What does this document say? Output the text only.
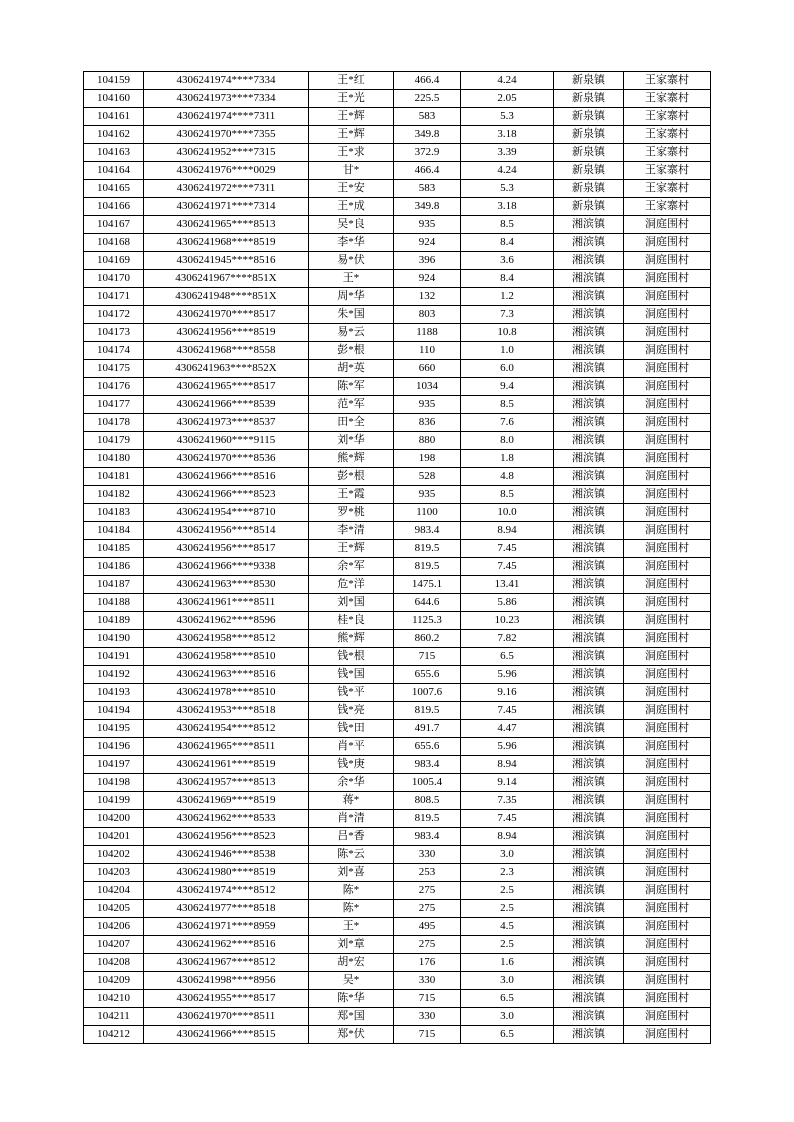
104159	4306241974****7334	王*红	466.4	4.24	新泉镇	王家寨村
104160	4306241973****7334	王*光	225.5	2.05	新泉镇	王家寨村
104161	4306241974****7311	王*辉	583	5.3	新泉镇	王家寨村
104162	4306241970****7355	王*辉	349.8	3.18	新泉镇	王家寨村
104163	4306241952****7315	王*求	372.9	3.39	新泉镇	王家寨村
104164	4306241976****0029	甘*	466.4	4.24	新泉镇	王家寨村
104165	4306241972****7311	王*安	583	5.3	新泉镇	王家寨村
104166	4306241971****7314	王*成	349.8	3.18	新泉镇	王家寨村
104167	4306241965****8513	吴*良	935	8.5	湘滨镇	洞庭围村
104168	4306241968****8519	李*华	924	8.4	湘滨镇	洞庭围村
104169	4306241945****8516	易*伏	396	3.6	湘滨镇	洞庭围村
104170	4306241967****851X	王*	924	8.4	湘滨镇	洞庭围村
104171	4306241948****851X	周*华	132	1.2	湘滨镇	洞庭围村
104172	4306241970****8517	朱*国	803	7.3	湘滨镇	洞庭围村
104173	4306241956****8519	易*云	1188	10.8	湘滨镇	洞庭围村
104174	4306241968****8558	彭*根	110	1.0	湘滨镇	洞庭围村
104175	4306241963****852X	胡*英	660	6.0	湘滨镇	洞庭围村
104176	4306241965****8517	陈*军	1034	9.4	湘滨镇	洞庭围村
104177	4306241966****8539	范*军	935	8.5	湘滨镇	洞庭围村
104178	4306241973****8537	田*全	836	7.6	湘滨镇	洞庭围村
104179	4306241960****9115	刘*华	880	8.0	湘滨镇	洞庭围村
104180	4306241970****8536	熊*辉	198	1.8	湘滨镇	洞庭围村
104181	4306241966****8516	彭*根	528	4.8	湘滨镇	洞庭围村
104182	4306241966****8523	王*霞	935	8.5	湘滨镇	洞庭围村
104183	4306241954****8710	罗*桃	1100	10.0	湘滨镇	洞庭围村
104184	4306241956****8514	李*清	983.4	8.94	湘滨镇	洞庭围村
104185	4306241956****8517	王*辉	819.5	7.45	湘滨镇	洞庭围村
104186	4306241966****9338	余*军	819.5	7.45	湘滨镇	洞庭围村
104187	4306241963****8530	危*洋	1475.1	13.41	湘滨镇	洞庭围村
104188	4306241961****8511	刘*国	644.6	5.86	湘滨镇	洞庭围村
104189	4306241962****8596	桂*良	1125.3	10.23	湘滨镇	洞庭围村
104190	4306241958****8512	熊*辉	860.2	7.82	湘滨镇	洞庭围村
104191	4306241958****8510	钱*根	715	6.5	湘滨镇	洞庭围村
104192	4306241963****8516	钱*国	655.6	5.96	湘滨镇	洞庭围村
104193	4306241978****8510	钱*平	1007.6	9.16	湘滨镇	洞庭围村
104194	4306241953****8518	钱*亮	819.5	7.45	湘滨镇	洞庭围村
104195	4306241954****8512	钱*田	491.7	4.47	湘滨镇	洞庭围村
104196	4306241965****8511	肖*平	655.6	5.96	湘滨镇	洞庭围村
104197	4306241961****8519	钱*庚	983.4	8.94	湘滨镇	洞庭围村
104198	4306241957****8513	余*华	1005.4	9.14	湘滨镇	洞庭围村
104199	4306241969****8519	蒋*	808.5	7.35	湘滨镇	洞庭围村
104200	4306241962****8533	肖*清	819.5	7.45	湘滨镇	洞庭围村
104201	4306241956****8523	吕*香	983.4	8.94	湘滨镇	洞庭围村
104202	4306241946****8538	陈*云	330	3.0	湘滨镇	洞庭围村
104203	4306241980****8519	刘*喜	253	2.3	湘滨镇	洞庭围村
104204	4306241974****8512	陈*	275	2.5	湘滨镇	洞庭围村
104205	4306241977****8518	陈*	275	2.5	湘滨镇	洞庭围村
104206	4306241971****8959	王*	495	4.5	湘滨镇	洞庭围村
104207	4306241962****8516	刘*章	275	2.5	湘滨镇	洞庭围村
104208	4306241967****8512	胡*宏	176	1.6	湘滨镇	洞庭围村
104209	4306241998****8956	吴*	330	3.0	湘滨镇	洞庭围村
104210	4306241955****8517	陈*华	715	6.5	湘滨镇	洞庭围村
104211	4306241970****8511	郑*国	330	3.0	湘滨镇	洞庭围村
104212	4306241966****8515	郑*伏	715	6.5	湘滨镇	洞庭围村
